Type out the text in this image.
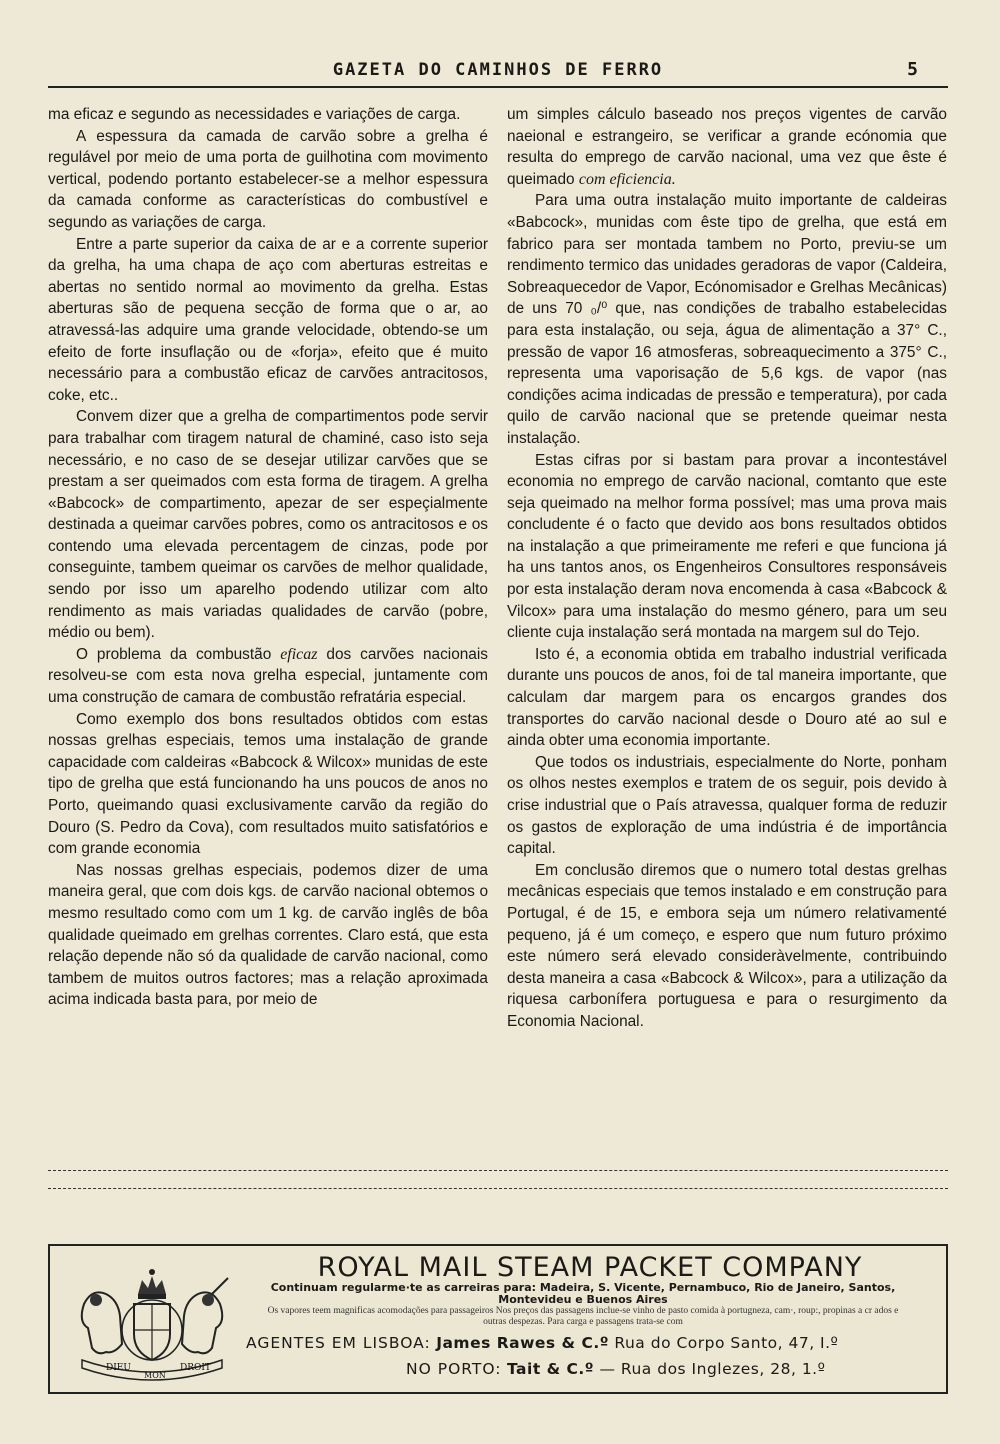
GAZETA DO CAMINHOS DE FERRO	5

ma eficaz e segundo as necessidades e variações de carga.

A espessura da camada de carvão sobre a grelha é regulável por meio de uma porta de guilhotina com movimento vertical, podendo portanto estabelecer-se a melhor espessura da camada conforme as características do combustível e segundo as variações de carga.

Entre a parte superior da caixa de ar e a corrente superior da grelha, ha uma chapa de aço com aberturas estreitas e abertas no sentido normal ao movimento da grelha. Estas aberturas são de pequena secção de forma que o ar, ao atravessá-las adquire uma grande velocidade, obtendo-se um efeito de forte insuflação ou de «forja», efeito que é muito necessário para a combustão eficaz de carvões antracitosos, coke, etc..

Convem dizer que a grelha de compartimentos pode servir para trabalhar com tiragem natural de chaminé, caso isto seja necessário, e no caso de se desejar utilizar carvões que se prestam a ser queimados com esta forma de tiragem. A grelha «Babcock» de compartimento, apezar de ser espeçialmente destinada a queimar carvões pobres, como os antracitosos e os contendo uma elevada percentagem de cinzas, pode por conseguinte, tambem queimar os carvões de melhor qualidade, sendo por isso um aparelho podendo utilizar com alto rendimento as mais variadas qualidades de carvão (pobre, médio ou bem).

O problema da combustão eficaz dos carvões nacionais resolveu-se com esta nova grelha especial, juntamente com uma construção de camara de combustão refratária especial.

Como exemplo dos bons resultados obtidos com estas nossas grelhas especiais, temos uma instalação de grande capacidade com caldeiras «Babcock & Wilcox» munidas de este tipo de grelha que está funcionando ha uns poucos de anos no Porto, queimando quasi exclusivamente carvão da região do Douro (S. Pedro da Cova), com resultados muito satisfatórios e com grande economia

Nas nossas grelhas especiais, podemos dizer de uma maneira geral, que com dois kgs. de carvão nacional obtemos o mesmo resultado como com um 1 kg. de carvão inglês de bôa qualidade queimado em grelhas correntes. Claro está, que esta relação depende não só da qualidade de carvão nacional, como tambem de muitos outros factores; mas a relação aproximada acima indicada basta para, por meio de

um simples cálculo baseado nos preços vigentes de carvão naeional e estrangeiro, se verificar a grande ecónomia que resulta do emprego de carvão nacional, uma vez que êste é queimado com eficiencia.

Para uma outra instalação muito importante de caldeiras «Babcock», munidas com êste tipo de grelha, que está em fabrico para ser montada tambem no Porto, previu-se um rendimento termico das unidades geradoras de vapor (Caldeira, Sobreaquecedor de Vapor, Ecónomisador e Grelhas Mecânicas) de uns 70 ₀/⁰ que, nas condições de trabalho estabelecidas para esta instalação, ou seja, água de alimentação a 37° C., pressão de vapor 16 atmosferas, sobreaquecimento a 375° C., representa uma vaporisação de 5,6 kgs. de vapor (nas condições acima indicadas de pressão e temperatura), por cada quilo de carvão nacional que se pretende queimar nesta instalação.

Estas cifras por si bastam para provar a incontestável economia no emprego de carvão nacional, comtanto que este seja queimado na melhor forma possível; mas uma prova mais concludente é o facto que devido aos bons resultados obtidos na instalação a que primeiramente me referi e que funciona já ha uns tantos anos, os Engenheiros Consultores responsáveis por esta instalação deram nova encomenda à casa «Babcock & Vilcox» para uma instalação do mesmo género, para um seu cliente cuja instalação será montada na margem sul do Tejo.

Isto é, a economia obtida em trabalho industrial verificada durante uns poucos de anos, foi de tal maneira importante, que calculam dar margem para os encargos grandes dos transportes do carvão nacional desde o Douro até ao sul e ainda obter uma economia importante.

Que todos os industriais, especialmente do Norte, ponham os olhos nestes exemplos e tratem de os seguir, pois devido à crise industrial que o País atravessa, qualquer forma de reduzir os gastos de exploração de uma indústria é de importância capital.

Em conclusão diremos que o numero total destas grelhas mecânicas especiais que temos instalado e em construção para Portugal, é de 15, e embora seja um número relativamenté pequeno, já é um começo, e espero que num futuro próximo este número será elevado consideràvelmente, contribuindo desta maneira a casa «Babcock & Wilcox», para a utilização da riquesa carbonífera portuguesa e para o resurgimento da Economia Nacional.

DIEU
MON
DROIT
ROYAL MAIL STEAM PACKET COMPANY
Continuam regularme·te as carreiras para: Madeira, S. Vicente, Pernambuco, Rio de Janeiro, Santos, Montevideu e Buenos Aires
Os vapores teem magnificas acomodações para passageiros Nos preços das passagens inclue-se vinho de pasto comida à portugneza, cam·, roup:, propinas a cr ados e outras despezas. Para carga e passagens trata-se com
AGENTES EM LISBOA: James Rawes & C.º Rua do Corpo Santo, 47, I.º
NO PORTO: Tait & C.º — Rua dos Inglezes, 28, 1.º
